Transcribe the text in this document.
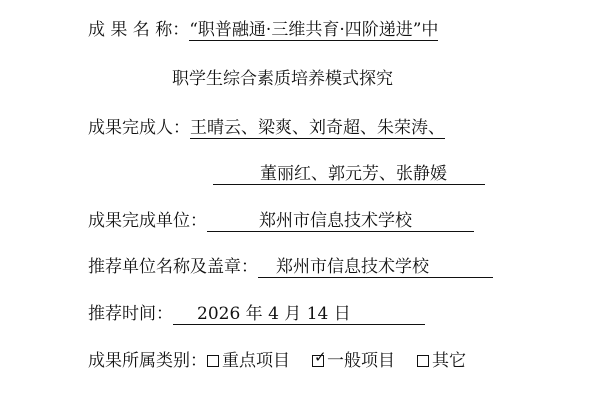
成 果 名 称：“职普融通·三维共育·四阶递进”中
职学生综合素质培养模式探究
成果完成人：王晴云、梁爽、刘奇超、朱荣涛、
董丽红、郭元芳、张静媛
成果完成单位：	郑州市信息技术学校
推荐单位名称及盖章： 郑州市信息技术学校
推荐时间： 2026 年 4 月 14 日
成果所属类别： 重点项目 ✓ 一般项目 其它
